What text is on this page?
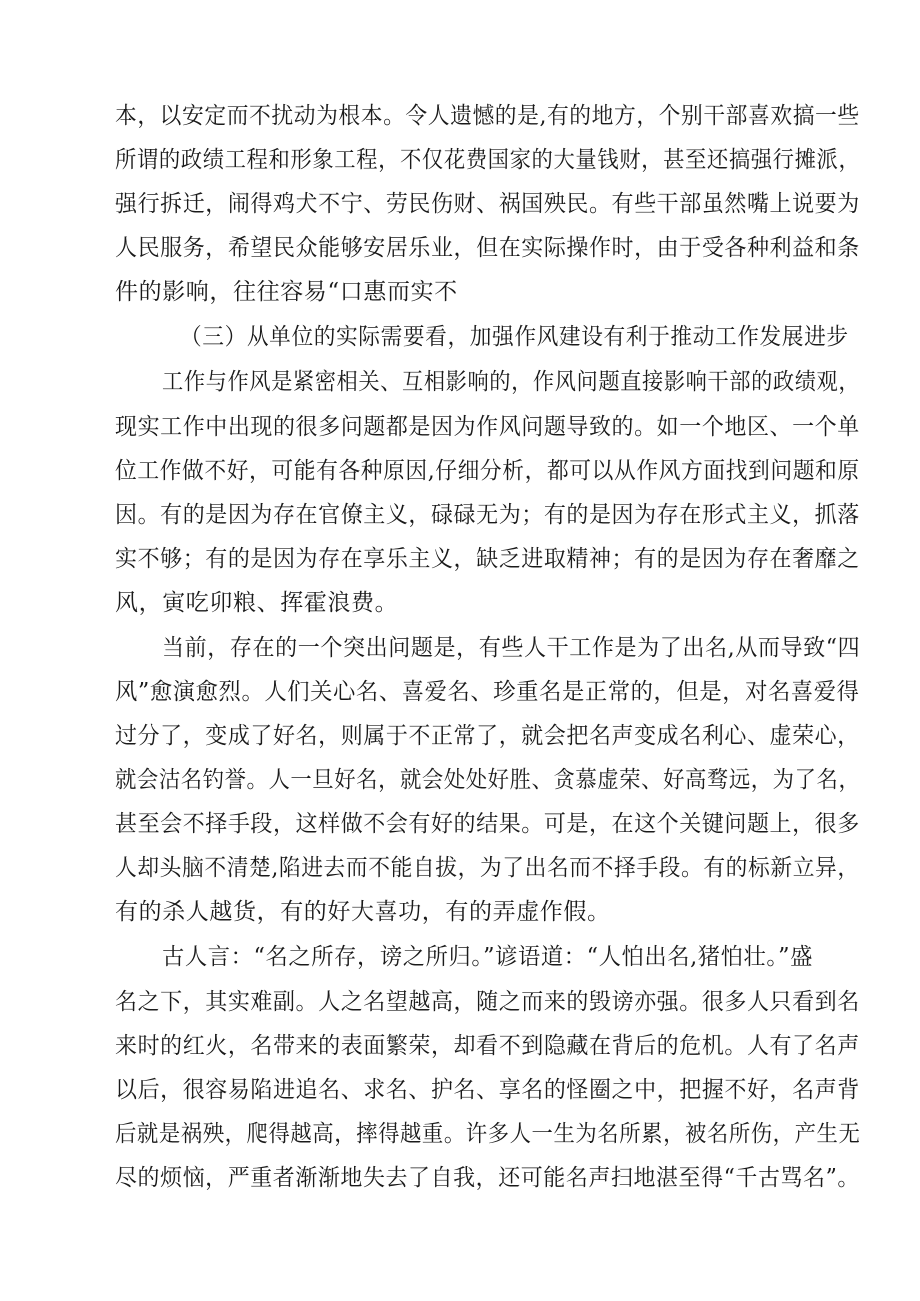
本，以安定而不扰动为根本。令人遗憾的是,有的地方，个别干部喜欢搞一些
所谓的政绩工程和形象工程，不仅花费国家的大量钱财，甚至还搞强行摊派，
强行拆迁，闹得鸡犬不宁、劳民伤财、祸国殃民。有些干部虽然嘴上说要为
人民服务，希望民众能够安居乐业，但在实际操作时，由于受各种利益和条
件的影响，往往容易“口惠而实不
（三）从单位的实际需要看，加强作风建设有利于推动工作发展进步
工作与作风是紧密相关、互相影响的，作风问题直接影响干部的政绩观，
现实工作中出现的很多问题都是因为作风问题导致的。如一个地区、一个单
位工作做不好，可能有各种原因,仔细分析，都可以从作风方面找到问题和原
因。有的是因为存在官僚主义，碌碌无为；有的是因为存在形式主义，抓落
实不够；有的是因为存在享乐主义，缺乏进取精神；有的是因为存在奢靡之
风，寅吃卯粮、挥霍浪费。
当前，存在的一个突出问题是，有些人干工作是为了出名,从而导致“四
风”愈演愈烈。人们关心名、喜爱名、珍重名是正常的，但是，对名喜爱得
过分了，变成了好名，则属于不正常了，就会把名声变成名利心、虚荣心，
就会沽名钓誉。人一旦好名，就会处处好胜、贪慕虚荣、好高骛远，为了名，
甚至会不择手段，这样做不会有好的结果。可是，在这个关键问题上，很多
人却头脑不清楚,陷进去而不能自拔，为了出名而不择手段。有的标新立异，
有的杀人越货，有的好大喜功，有的弄虚作假。
古人言：“名之所存，谤之所归。”谚语道：“人怕出名,猪怕壮。”盛
名之下，其实难副。人之名望越高，随之而来的毁谤亦强。很多人只看到名
来时的红火，名带来的表面繁荣，却看不到隐藏在背后的危机。人有了名声
以后，很容易陷进追名、求名、护名、享名的怪圈之中，把握不好，名声背
后就是祸殃，爬得越高，摔得越重。许多人一生为名所累，被名所伤，产生无
尽的烦恼，严重者渐渐地失去了自我，还可能名声扫地湛至得“千古骂名”。
